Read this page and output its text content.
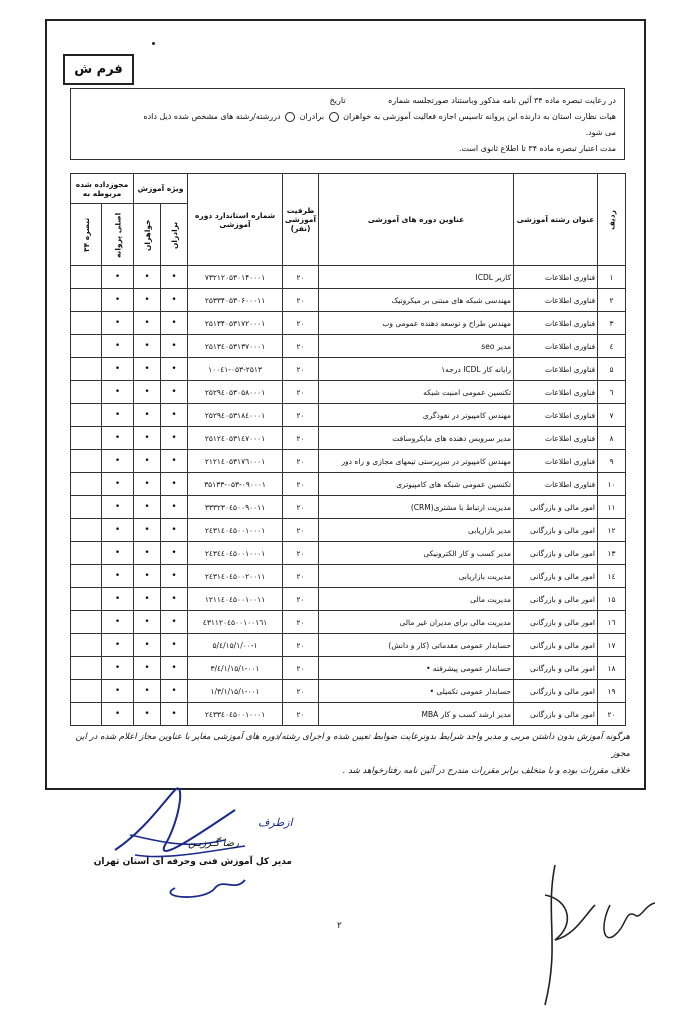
فرم ش
در رعایت تبصره ماده ۳۴ آئین نامه مذکور وباستناد صورتجلسه شماره تاریخ
هیات نظارت استان به دارنده این پروانه تاسیس اجازه فعالیت آموزشی به خواهران  برادران  دررشته/رشته های مشخص شده ذیل داده
می شود.
مدت اعتبار تبصره ماده ۳۴ تا اطلاع ثانوی است.
ردیف	عنوان رشته آموزشی	عناوین دوره های آموزشی	ظرفیت آموزشی (نفر)	شماره استاندارد دوره آموزشی	ویژه آموزش		مجوزداده شده مربوطه به	
					برادران	خواهران	اصلی پروانه	تبصره ۳۴
۱	فناوری اطلاعات	کاربر ICDL	۲۰	۷۳۲۱۲۰۵۳۰۱۴۰۰۰۱	•	•	•	
۲	فناوری اطلاعات	مهندسی شبکه های مبتنی بر میکروتیک	۲۰	۲۵۳۳۴۰۵۳۰۶۰۰۰۱۱	•	•	•	
۳	فناوری اطلاعات	مهندس طراح و توسعه دهنده عمومی وب	۲۰	۲۵۱۳۴۰۵۳۱۷۲۰۰۰۱	•	•	•	
٤	فناوری اطلاعات	مدیر seo	۲۰	۲۵۱۳٤۰۵۳۱۳۷۰۰۰۱	•	•	•	
۵	فناوری اطلاعات	رایانه کار ICDL درجه۱	۲۰	۱۰۰٤۱-۰۵۳-۲۵۱۳	•	•	•	
٦	فناوری اطلاعات	تکنسین عمومی امنیت شبکه	۲۰	۲۵۲۹٤۰۵۳۰۵۸۰۰۰۱	•	•	•	
۷	فناوری اطلاعات	مهندس کامپیوتر در نفوذگری	۲۰	۲۵۲۹٤۰۵۳۱۸٤۰۰۰۱	•	•	•	
۸	فناوری اطلاعات	مدیر سرویس دهنده های مایکروسافت	۲۰	۲۵۱۲٤۰۵۳۱٤۷۰۰۰۱	•	•	•	
۹	فناوری اطلاعات	مهندس کامپیوتر در سرپرستی تیمهای مجازی و راه دور	۲۰	۲۱۲۱٤۰۵۳۱۷٦۰۰۰۱	•	•	•	
۱۰	فناوری اطلاعات	تکنسین عمومی شبکه های کامپیوتری	۲۰	۳۵۱۳۳-۰۵۳-۰۹۰۰۰۱	•	•	•	
۱۱	امور مالی و بازرگانی	مدیریت ارتباط با مشتری(CRM)	۲۰	۳۳۳۲۳۰٤۵۰۰۹۰۰۱۱	•	•	•	
۱۲	امور مالی و بازرگانی	مدیر بازاریابی	۲۰	۲٤۳۱٤۰٤۵۰۰۱۰۰۰۱	•	•	•	
۱۳	امور مالی و بازرگانی	مدیر کسب و کار الکترونیکی	۲۰	۲٤۳٤٤۰٤۵۰۰۱۰۰۰۱	•	•	•	
١٤	امور مالی و بازرگانی	مدیریت بازاریابی	۲۰	۲٤۳۱٤۰٤۵۰۰۲۰۰۱۱	•	•	•	
۱۵	امور مالی و بازرگانی	مدیریت مالی	۲۰	۱۲۱۱٤۰٤۵۰۰۱۰۰۱۱	•	•	•	
١٦	امور مالی و بازرگانی	مدیریت مالی برای مدیران غیر مالی	۲۰	٤۳۱۱۲۰٤۵۰۰۱۰۰۱٦۱	•	•	•	
۱۷	امور مالی و بازرگانی	حسابدار عمومی مقدماتی (کار و دانش)	۲۰	۵/٤/۱۵/۱/۰۰-۱	•	•	•	
۱۸	امور مالی و بازرگانی	حسابدار عمومی پیشرفته •	۲۰	۳/٤/۱/۱۵/۱-۰۰۱	•	•	•	
۱۹	امور مالی و بازرگانی	حسابدار عمومی تکمیلی •	۲۰	۱/۳/۱/۱۵/۱-۰۰۱	•	•	•	
۲۰	امور مالی و بازرگانی	مدیر ارشد کسب و کار MBA	۲۰	۲٤۳۳٤۰٤۵۰۰۱۰۰۰۱	•	•	•	
هرگونه آموزش بدون داشتن مربی و مدیر واجد شرایط بدونرعایت ضوابط تعیین شده و اجرای رشته/دوره های آموزشی مغایر با عناوین مجاز اعلام شده در این مجوز
خلاف مقررات بوده و با متخلف برابر مقررات مندرج در آئین نامه رفتارخواهد شد .
ازطرف
رضا گـرزیـن
مدیر کل آموزش فنی وحرفه ای استان تهران
۲
